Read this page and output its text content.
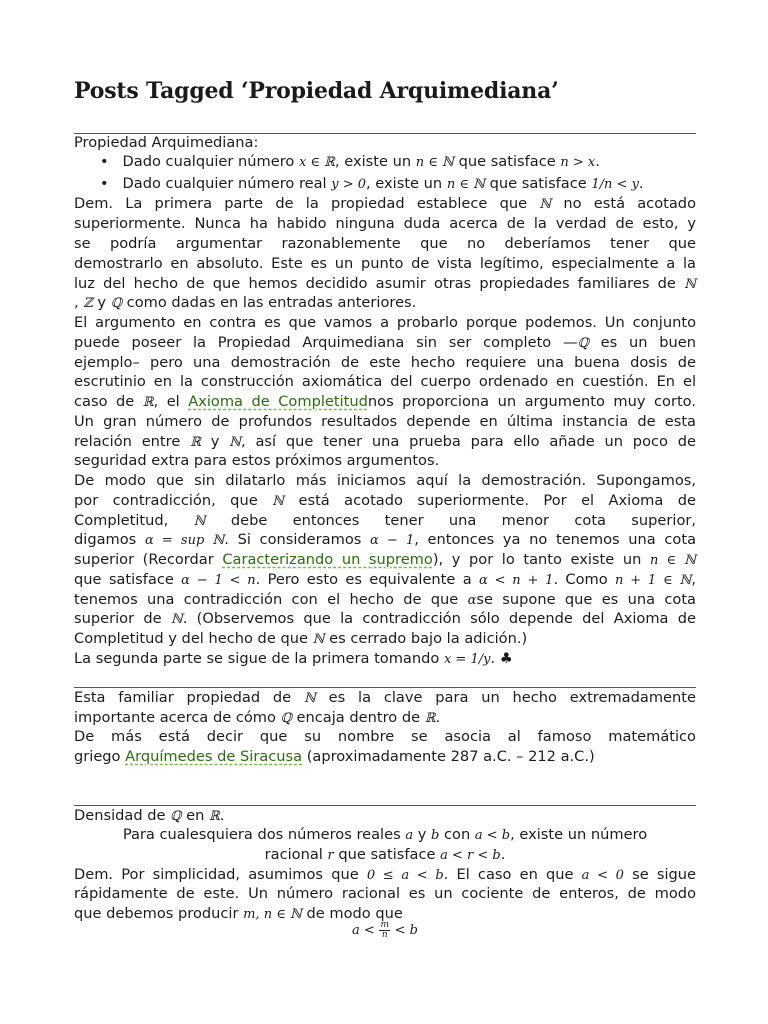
Posts Tagged ‘Propiedad Arquimediana’
Propiedad Arquimediana:
• Dado cualquier número x ∈ ℝ, existe un n ∈ ℕ que satisface n > x.
• Dado cualquier número real y > 0, existe un n ∈ ℕ que satisface 1/n < y.
Dem. La primera parte de la propiedad establece que ℕ no está acotado
superiormente. Nunca ha habido ninguna duda acerca de la verdad de esto, y
se podría argumentar razonablemente que no deberíamos tener que
demostrarlo en absoluto. Este es un punto de vista legítimo, especialmente a la
luz del hecho de que hemos decidido asumir otras propiedades familiares de ℕ
, ℤ y ℚ como dadas en las entradas anteriores.
El argumento en contra es que vamos a probarlo porque podemos. Un conjunto
puede poseer la Propiedad Arquimediana sin ser completo —ℚ es un buen
ejemplo– pero una demostración de este hecho requiere una buena dosis de
escrutinio en la construcción axiomática del cuerpo ordenado en cuestión. En el
caso de ℝ, el Axioma de Completitudnos proporciona un argumento muy corto.
Un gran número de profundos resultados depende en última instancia de esta
relación entre ℝ y ℕ, así que tener una prueba para ello añade un poco de
seguridad extra para estos próximos argumentos.
De modo que sin dilatarlo más iniciamos aquí la demostración. Supongamos,
por contradicción, que ℕ está acotado superiormente. Por el Axioma de
Completitud, ℕ debe entonces tener una menor cota superior,
digamos α = sup ℕ. Si consideramos α − 1, entonces ya no tenemos una cota
superior (Recordar Caracterizando un supremo), y por lo tanto existe un n ∈ ℕ
que satisface α − 1 < n. Pero esto es equivalente a α < n + 1. Como n + 1 ∈ ℕ,
tenemos una contradicción con el hecho de que αse supone que es una cota
superior de ℕ. (Observemos que la contradicción sólo depende del Axioma de
Completitud y del hecho de que ℕ es cerrado bajo la adición.)
La segunda parte se sigue de la primera tomando x = 1/y. ♣
Esta familiar propiedad de ℕ es la clave para un hecho extremadamente
importante acerca de cómo ℚ encaja dentro de ℝ.
De más está decir que su nombre se asocia al famoso matemático
griego Arquímedes de Siracusa (aproximadamente 287 a.C. – 212 a.C.)
Densidad de ℚ en ℝ.
Para cualesquiera dos números reales a y b con a < b, existe un número
racional r que satisface a < r < b.
Dem. Por simplicidad, asumimos que 0 ≤ a < b. El caso en que a < 0 se sigue
rápidamente de este. Un número racional es un cociente de enteros, de modo
que debemos producir m, n ∈ ℕ de modo que
$a < \frac{m}{n} < b$
